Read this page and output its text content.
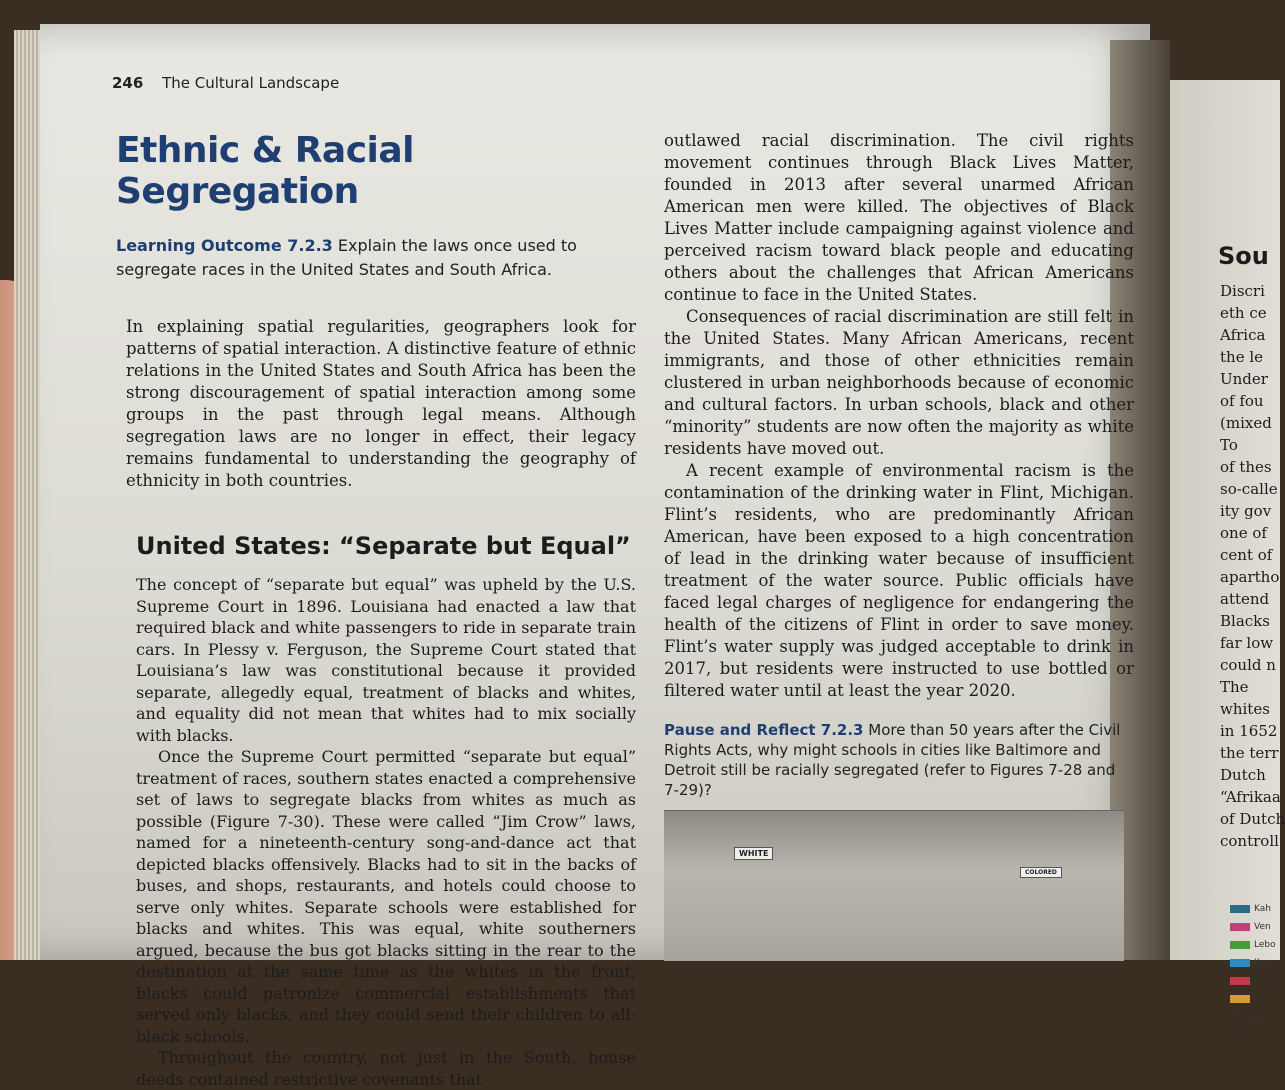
246 The Cultural Landscape
Ethnic & Racial Segregation

Learning Outcome 7.2.3 Explain the laws once used to segregate races in the United States and South Africa.

In explaining spatial regularities, geographers look for patterns of spatial interaction. A distinctive feature of ethnic relations in the United States and South Africa has been the strong discouragement of spatial interaction among some groups in the past through legal means. Although segregation laws are no longer in effect, their legacy remains fundamental to understanding the geography of ethnicity in both countries.

United States: “Separate but Equal”

The concept of “separate but equal” was upheld by the U.S. Supreme Court in 1896. Louisiana had enacted a law that required black and white passengers to ride in separate train cars. In Plessy v. Ferguson, the Supreme Court stated that Louisiana’s law was constitutional because it provided separate, allegedly equal, treatment of blacks and whites, and equality did not mean that whites had to mix socially with blacks.

Once the Supreme Court permitted “separate but equal” treatment of races, southern states enacted a comprehensive set of laws to segregate blacks from whites as much as possible (Figure 7-30). These were called “Jim Crow” laws, named for a nineteenth-century song-and-dance act that depicted blacks offensively. Blacks had to sit in the backs of buses, and shops, restaurants, and hotels could choose to serve only whites. Separate schools were established for blacks and whites. This was equal, white southerners argued, because the bus got blacks sitting in the rear to the destination at the same time as the whites in the front, blacks could patronize commercial establishments that served only blacks, and they could send their children to all-black schools.

Throughout the country, not just in the South, house deeds contained restrictive covenants that

outlawed racial discrimination. The civil rights movement continues through Black Lives Matter, founded in 2013 after several unarmed African American men were killed. The objectives of Black Lives Matter include campaigning against violence and perceived racism toward black people and educating others about the challenges that African Americans continue to face in the United States.

Consequences of racial discrimination are still felt in the United States. Many African Americans, recent immigrants, and those of other ethnicities remain clustered in urban neighborhoods because of economic and cultural factors. In urban schools, black and other “minority” students are now often the majority as white residents have moved out.

A recent example of environmental racism is the contamination of the drinking water in Flint, Michigan. Flint’s residents, who are predominantly African American, have been exposed to a high concentration of lead in the drinking water because of insufficient treatment of the water source. Public officials have faced legal charges of negligence for endangering the health of the citizens of Flint in order to save money. Flint’s water supply was judged acceptable to drink in 2017, but residents were instructed to use bottled or filtered water until at least the year 2020.

Pause and Reflect 7.2.3 More than 50 years after the Civil Rights Acts, why might schools in cities like Baltimore and Detroit still be racially segregated (refer to Figures 7-28 and 7-29)?

WHITE
COLORED
Sou
Discri
eth ce
Africa
the le
Under
of fou
(mixed
To
of thes
so-calle
ity gov
one of
cent of
apartho
attend
Blacks
far low
could n
The
whites
in 1652
the terr
Dutch
“Afrikaa
of Dutch
controll
Kah
Ven
Lebo
Kwa
Cisk
Pretoria-Nor
